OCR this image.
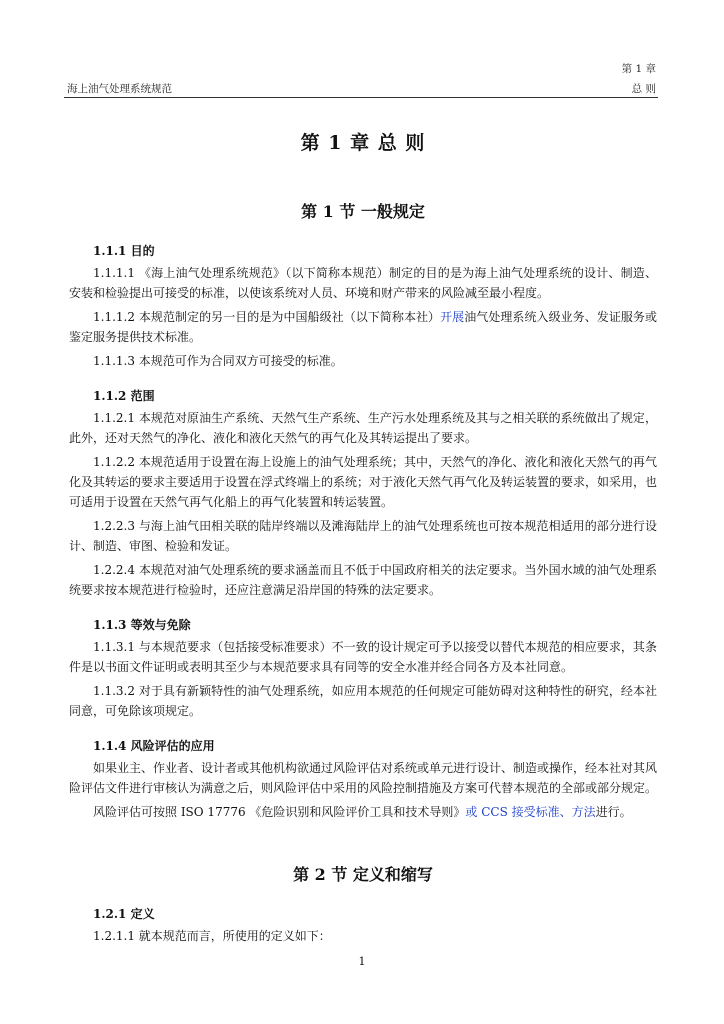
第 1 章
海上油气处理系统规范	总 则
第 1 章 总 则
第 1 节 一般规定
1.1.1 目的

1.1.1.1 《海上油气处理系统规范》（以下简称本规范）制定的目的是为海上油气处理系统的设计、制造、安装和检验提出可接受的标准，以使该系统对人员、环境和财产带来的风险减至最小程度。

1.1.1.2 本规范制定的另一目的是为中国船级社（以下简称本社）开展油气处理系统入级业务、发证服务或鉴定服务提供技术标准。

1.1.1.3 本规范可作为合同双方可接受的标准。

1.1.2 范围

1.1.2.1 本规范对原油生产系统、天然气生产系统、生产污水处理系统及其与之相关联的系统做出了规定，此外，还对天然气的净化、液化和液化天然气的再气化及其转运提出了要求。

1.1.2.2 本规范适用于设置在海上设施上的油气处理系统；其中，天然气的净化、液化和液化天然气的再气化及其转运的要求主要适用于设置在浮式终端上的系统；对于液化天然气再气化及转运装置的要求，如采用，也可适用于设置在天然气再气化船上的再气化装置和转运装置。

1.2.2.3 与海上油气田相关联的陆岸终端以及滩海陆岸上的油气处理系统也可按本规范相适用的部分进行设计、制造、审图、检验和发证。

1.2.2.4 本规范对油气处理系统的要求涵盖而且不低于中国政府相关的法定要求。当外国水域的油气处理系统要求按本规范进行检验时，还应注意满足沿岸国的特殊的法定要求。

1.1.3 等效与免除

1.1.3.1 与本规范要求（包括接受标准要求）不一致的设计规定可予以接受以替代本规范的相应要求，其条件是以书面文件证明或表明其至少与本规范要求具有同等的安全水准并经合同各方及本社同意。

1.1.3.2 对于具有新颖特性的油气处理系统，如应用本规范的任何规定可能妨碍对这种特性的研究，经本社同意，可免除该项规定。

1.1.4 风险评估的应用

如果业主、作业者、设计者或其他机构欲通过风险评估对系统或单元进行设计、制造或操作，经本社对其风险评估文件进行审核认为满意之后，则风险评估中采用的风险控制措施及方案可代替本规范的全部或部分规定。

风险评估可按照 ISO 17776 《危险识别和风险评价工具和技术导则》或 CCS 接受标准、方法进行。

第 2 节 定义和缩写
1.2.1 定义

1.2.1.1 就本规范而言，所使用的定义如下：

1
